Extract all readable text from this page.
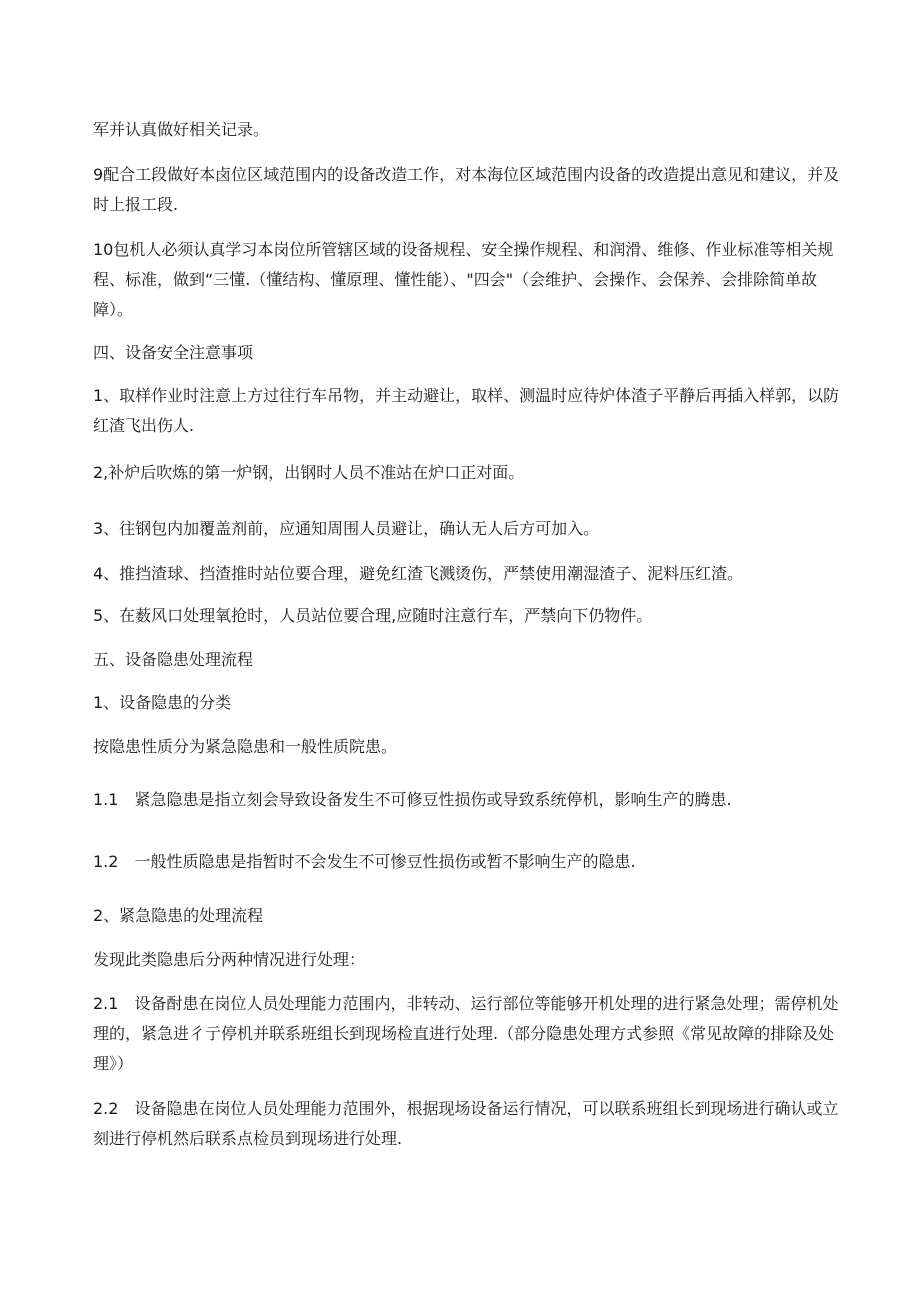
军并认真做好相关记录。

9配合工段做好本卤位区域范围内的设备改造工作，对本海位区域范围内设备的改造提出意见和建议，并及时上报工段.

10包机人必须认真学习本岗位所管辖区域的设备规程、安全操作规程、和润滑、维修、作业标准等相关规程、标准，做到“三懂.（懂结构、懂原理、懂性能）、"四会"（会维护、会操作、会保养、会排除简单故障）。

四、设备安全注意事项

1、取样作业时注意上方过往行车吊物，并主动避让，取样、测温时应待炉体渣子平静后再插入样郭，以防红渣飞出伤人.

2,补炉后吹炼的第一炉钢，出钢时人员不准站在炉口正对面。

3、往钢包内加覆盖剂前，应通知周围人员避让，确认无人后方可加入。

4、推挡渣球、挡渣推时站位要合理，避免红渣飞溅烫伤，严禁使用潮湿渣子、泥料压红渣。

5、在薮风口处理氧抢时，人员站位要合理,应随时注意行车，严禁向下仍物件。

五、设备隐患处理流程

1、设备隐患的分类

按隐患性质分为紧急隐患和一般性质院患。

1.1　紧急隐患是指立刻会导致设备发生不可修豆性损伤或导致系统停机，影响生产的腾患.

1.2　一般性质隐患是指暂时不会发生不可惨豆性损伤或暂不影响生产的隐患.

2、紧急隐患的处理流程

发现此类隐患后分两种情况进行处理：

2.1　设备酎患在岗位人员处理能力范围内，非转动、运行部位等能够开机处理的进行紧急处理；需停机处理的，紧急进彳亍停机并联系班组长到现场检直进行处理.（部分隐患处理方式参照《常见故障的排除及处理》）

2.2　设备隐患在岗位人员处理能力范围外，根据现场设备运行情况，可以联系班组长到现场进行确认或立刻进行停机然后联系点检员到现场进行处理.
